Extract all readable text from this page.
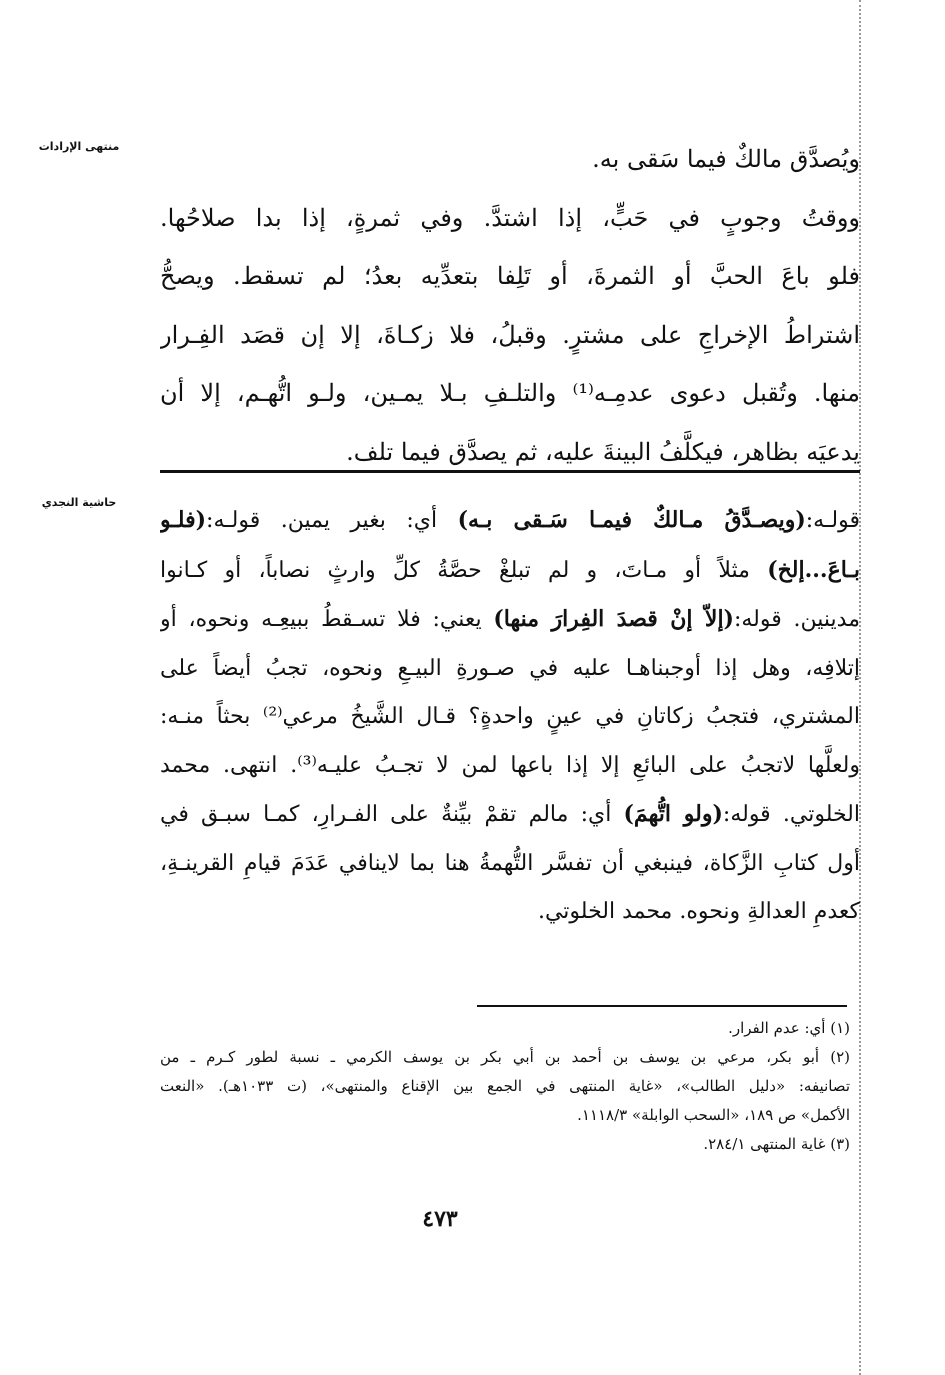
منتهى الإرادات
حاشية النجدي

ويُصدَّق مالكٌ فيما سَقى به.

ووقتُ وجوبٍ في حَبٍّ، إذا اشتدَّ. وفي ثمرةٍ، إذا بدا صلاحُها.

فلو باعَ الحبَّ أو الثمرةَ، أو تَلِفا بتعدِّيه بعدُ؛ لم تسقط. ويصحُّ

اشتراطُ الإخراجِ على مشترٍ. وقبلُ، فلا زكـاةَ، إلا إن قصَد الفِـرار

منها. وتُقبل دعوى عدمِـه⁽¹⁾ والتلـفِ بـلا يمـين، ولـو اتُّهـم، إلا أن

يدعيَه بظاهر، فيكلَّفُ البينةَ عليه، ثم يصدَّق فيما تلف.

قولـه:(ويصـدَّقُ مـالكٌ فيمـا سَـقى بـه) أي: بغير يمين. قولـه:(فلـو

بـاعَ...إلخ) مثلاً أو مـاتَ، و لم تبلغْ حصَّةُ كلِّ وارثٍ نصاباً، أو كـانوا

مدينين. قوله:(إلاّ إنْ قصدَ الفِرارَ منها) يعني: فلا تسـقطُ ببيعِـه ونحوه، أو

إتلافِه، وهل إذا أوجبناهـا عليه في صـورةِ البيـعِ ونحوه، تجبُ أيضاً على

المشتري، فتجبُ زكاتانِ في عينٍ واحدةٍ؟ قـال الشَّيخُ مرعي⁽²⁾ بحثاً منـه:

ولعلَّها لاتجبُ على البائعِ إلا إذا باعها لمن لا تجـبُ عليـه⁽³⁾. انتهى. محمد

الخلوتي. قوله:(ولو اتُّهمَ) أي: مالم تقمْ بيِّنةٌ على الفـرارِ، كمـا سبـق في

أول كتابِ الزَّكاة، فينبغي أن تفسَّر التُّهمةُ هنا بما لاينافي عَدَمَ قيامِ القرينـةِ،

كعدمِ العدالةِ ونحوه. محمد الخلوتي.

(١) أي: عدم الفرار.

(٢) أبو بكر، مرعي بن يوسف بن أحمد بن أبي بكر بن يوسف الكرمي ـ نسبة لطور كـرم ـ من

تصانيفه: «دليل الطالب»، «غاية المنتهى في الجمع بين الإقناع والمنتهى»، (ت ١٠٣٣هـ). «النعت

الأكمل» ص ١٨٩، «السحب الوابلة» ١١١٨/٣.

(٣) غاية المنتهى ٢٨٤/١.

٤٧٣
